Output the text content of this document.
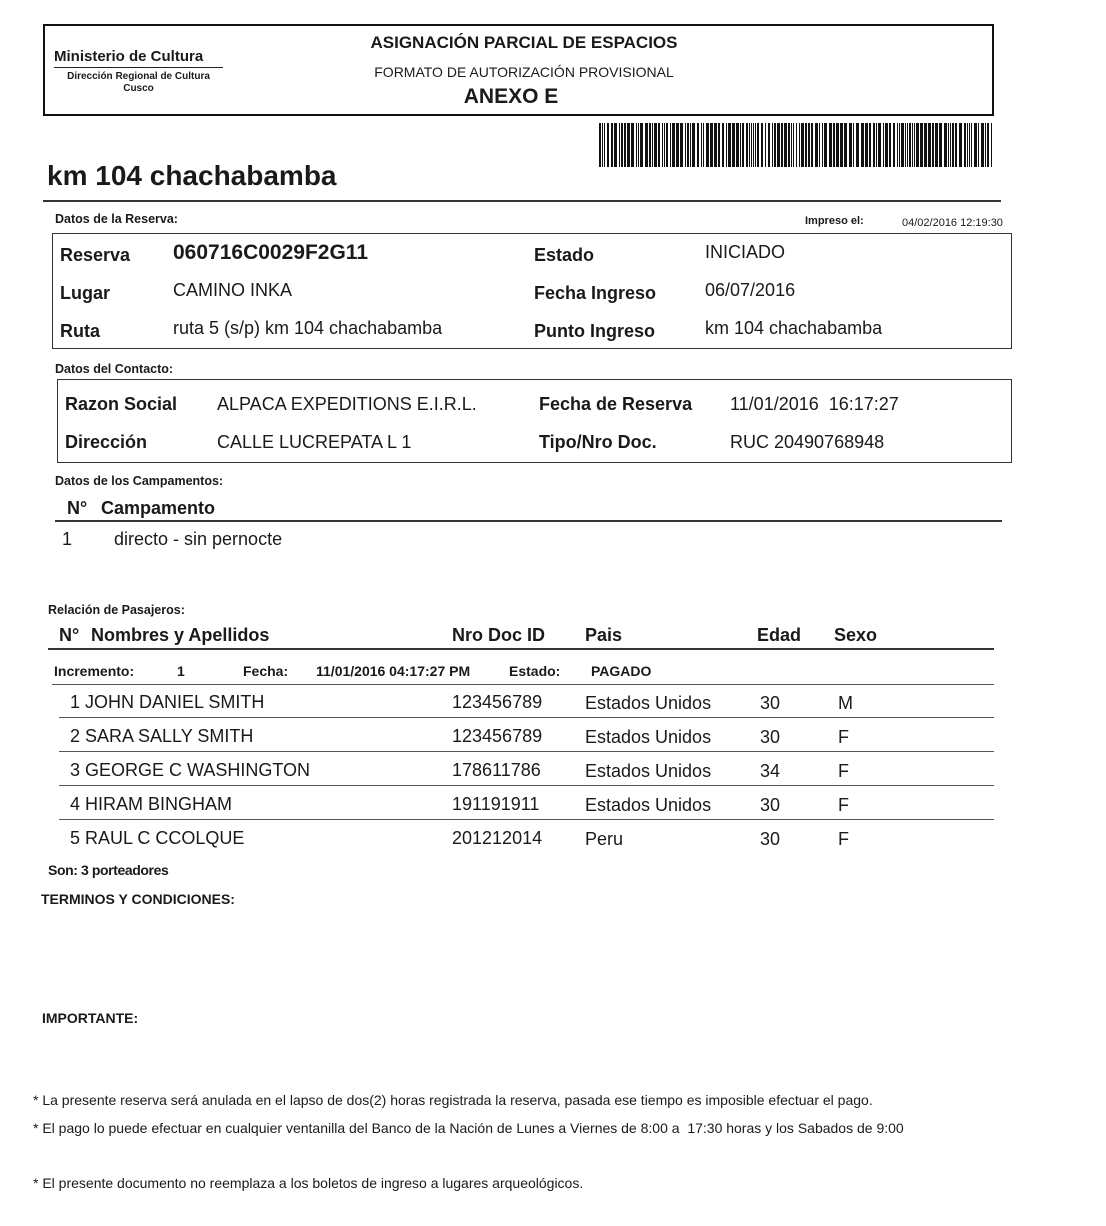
Ministerio de Cultura
Dirección Regional de Cultura
Cusco
ASIGNACIÓN PARCIAL DE ESPACIOS
FORMATO DE AUTORIZACIÓN PROVISIONAL
ANEXO E
km 104 chachabamba
Datos de la Reserva:	Impreso el:	04/02/2016 12:19:30
Reserva 060716C0029F2G11	Estado	INICIADO
Lugar	CAMINO INKA	Fecha Ingreso	06/07/2016
Ruta	ruta 5 (s/p) km 104 chachabamba	Punto Ingreso	km 104 chachabamba
Datos del Contacto:
Razon Social ALPACA EXPEDITIONS E.I.R.L.	Fecha de Reserva 11/01/2016  16:17:27
Dirección	CALLE LUCREPATA L 1	Tipo/Nro Doc.	RUC 20490768948
Datos de los Campamentos:
N° Campamento
1 directo - sin pernocte
Relación de Pasajeros:
N° Nombres y Apellidos	Nro Doc ID Pais	Edad Sexo
Incremento:	1	Fecha: 11/01/2016 04:17:27 PM	Estado: PAGADO
1 JOHN DANIEL SMITH	123456789 Estados Unidos	30	M
2 SARA SALLY SMITH	123456789 Estados Unidos	30	F
3 GEORGE C WASHINGTON	178611786 Estados Unidos	34	F
4 HIRAM BINGHAM	191191911	Estados Unidos	30	F
5 RAUL C CCOLQUE	201212014 Peru	30	F
Son: 3 porteadores
TERMINOS Y CONDICIONES:
IMPORTANTE:
* La presente reserva será anulada en el lapso de dos(2) horas registrada la reserva, pasada ese tiempo es imposible efectuar el pago.
* El pago lo puede efectuar en cualquier ventanilla del Banco de la Nación de Lunes a Viernes de 8:00 a  17:30 horas y los Sabados de 9:00
* El presente documento no reemplaza a los boletos de ingreso a lugares arqueológicos.
